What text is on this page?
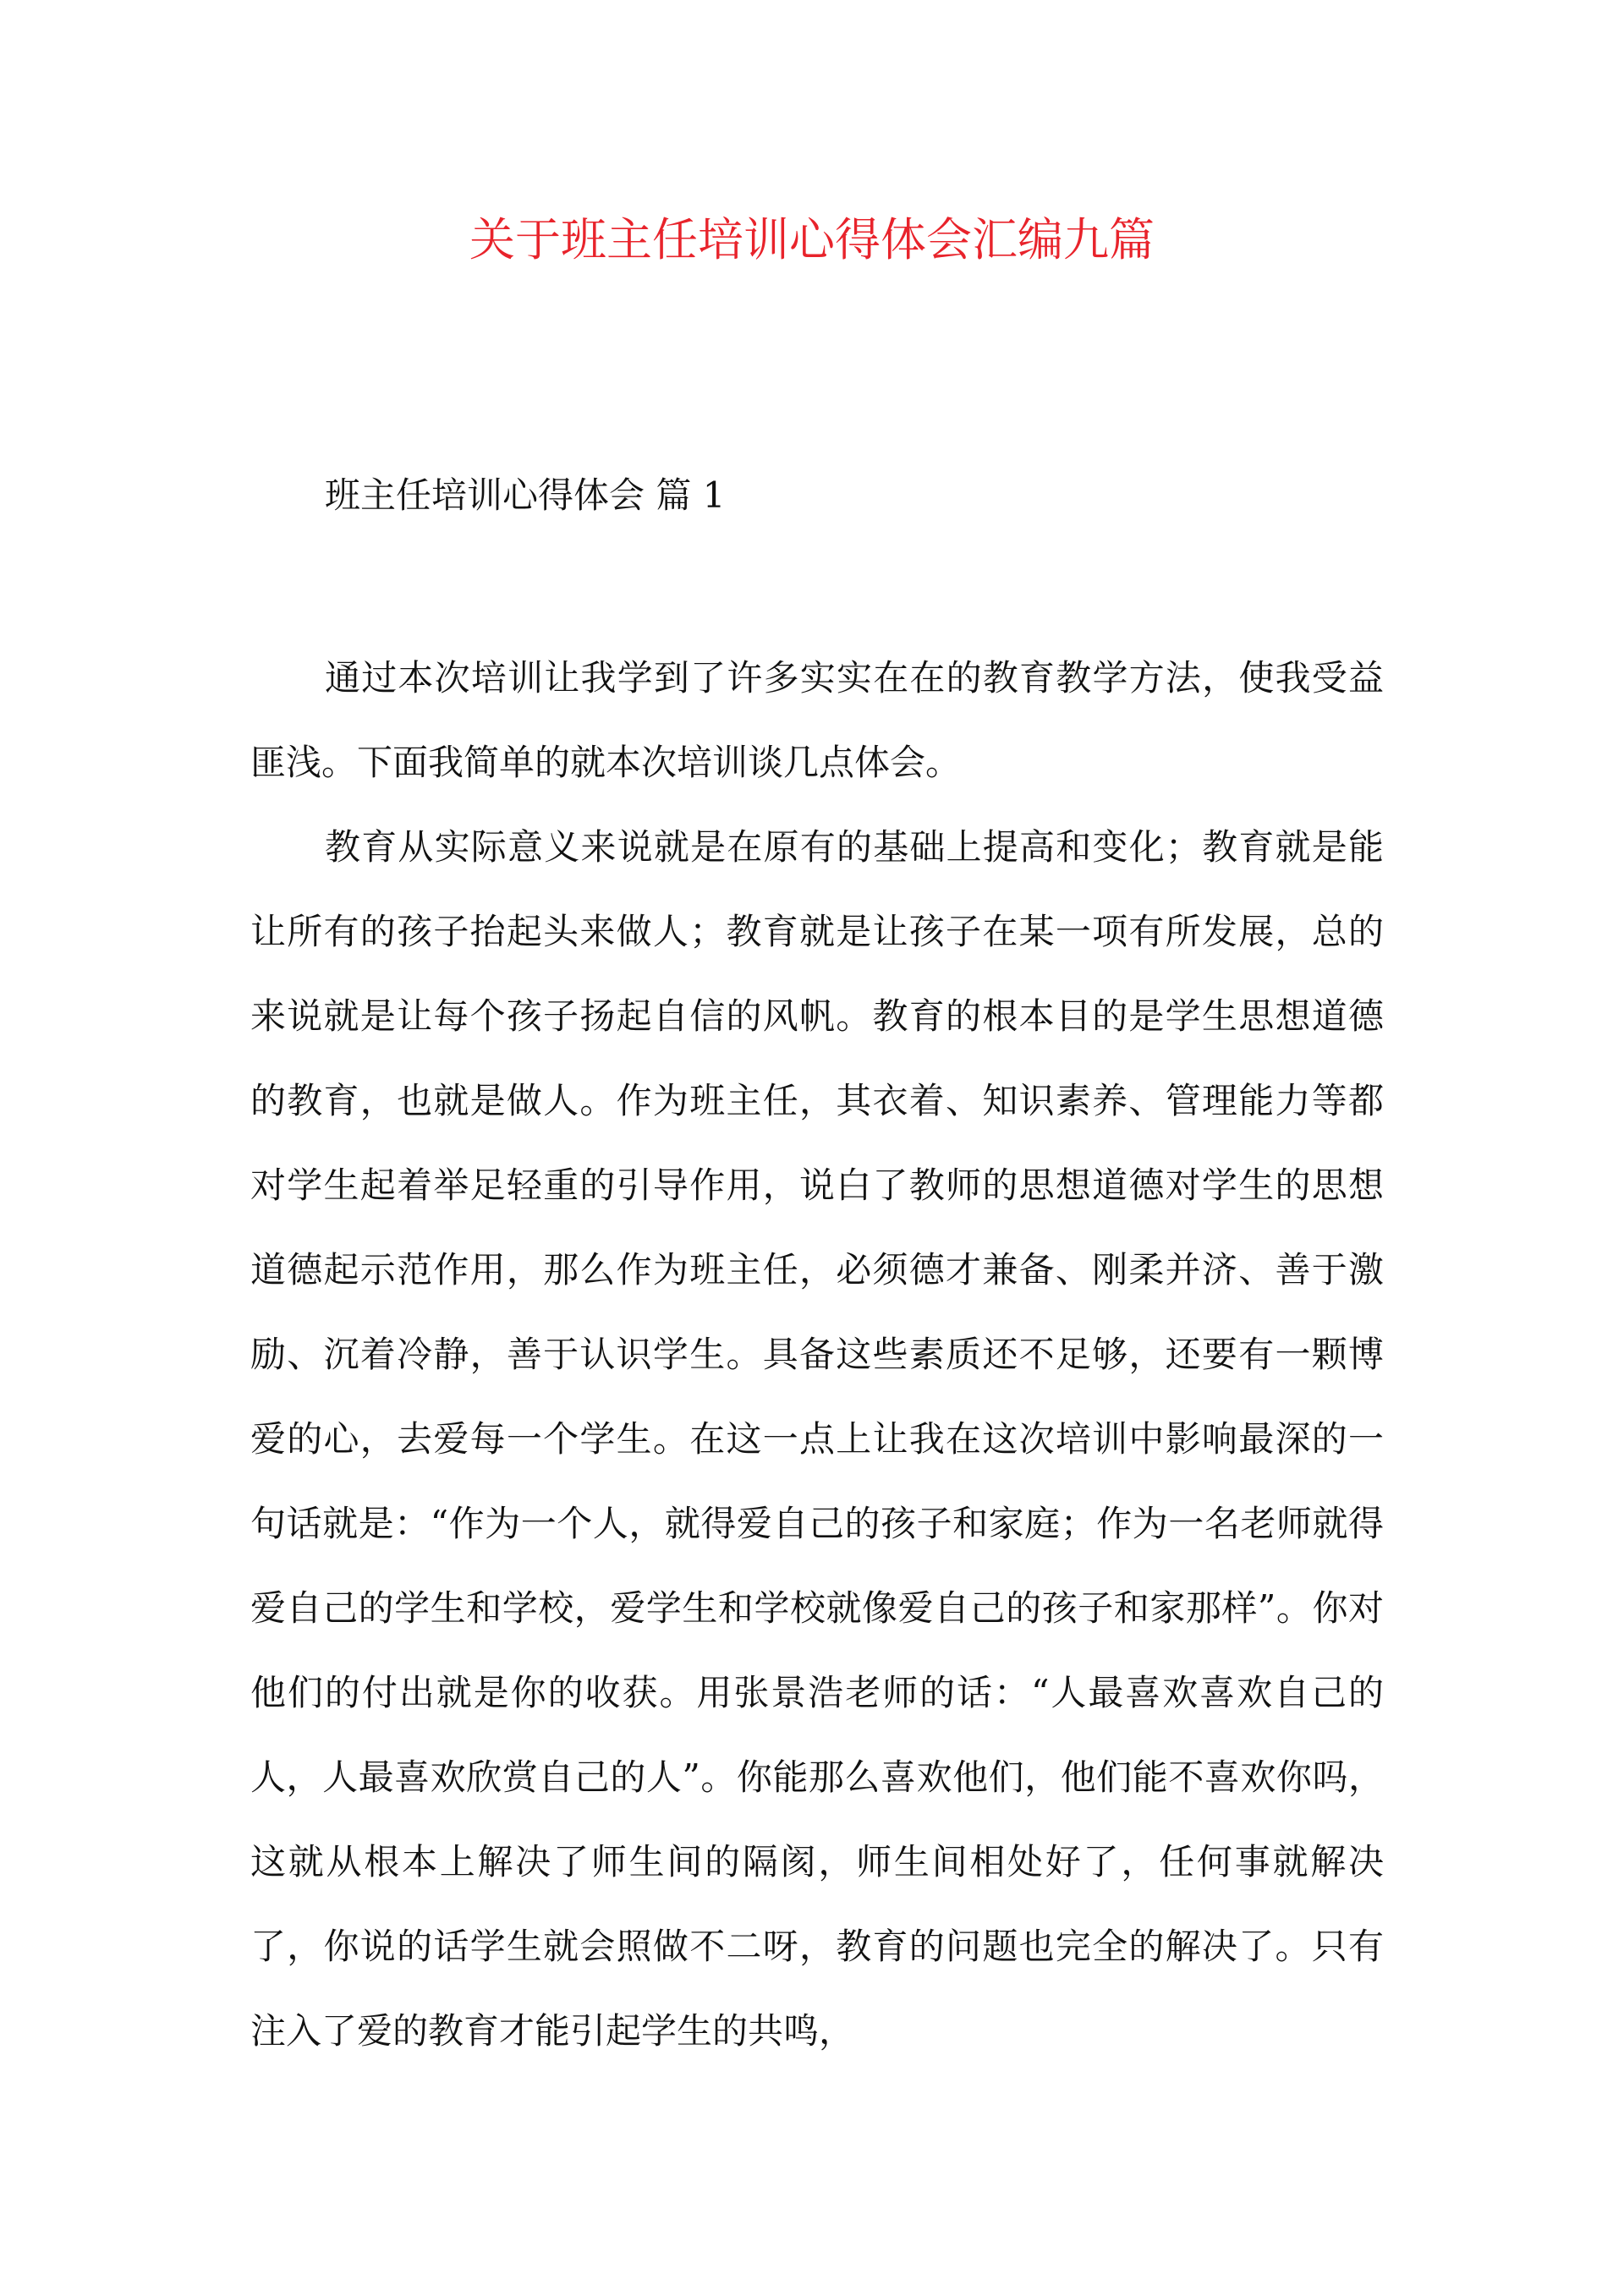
关于班主任培训心得体会汇编九篇
班主任培训心得体会 篇 1

通过本次培训让我学到了许多实实在在的教育教学方法，使我受益匪浅。下面我简单的就本次培训谈几点体会。

教育从实际意义来说就是在原有的基础上提高和变化；教育就是能让所有的孩子抬起头来做人；教育就是让孩子在某一项有所发展，总的来说就是让每个孩子扬起自信的风帆。教育的根本目的是学生思想道德的教育，也就是做人。作为班主任，其衣着、知识素养、管理能力等都对学生起着举足轻重的引导作用，说白了教师的思想道德对学生的思想道德起示范作用，那么作为班主任，必须德才兼备、刚柔并济、善于激励、沉着冷静，善于认识学生。具备这些素质还不足够，还要有一颗博爱的心，去爱每一个学生。在这一点上让我在这次培训中影响最深的一句话就是：“作为一个人，就得爱自己的孩子和家庭；作为一名老师就得爱自己的学生和学校，爱学生和学校就像爱自己的孩子和家那样”。你对他们的付出就是你的收获。用张景浩老师的话：“人最喜欢喜欢自己的人，人最喜欢欣赏自己的人”。你能那么喜欢他们，他们能不喜欢你吗，这就从根本上解决了师生间的隔阂，师生间相处好了，任何事就解决了，你说的话学生就会照做不二呀，教育的问题也完全的解决了。只有注入了爱的教育才能引起学生的共鸣，
